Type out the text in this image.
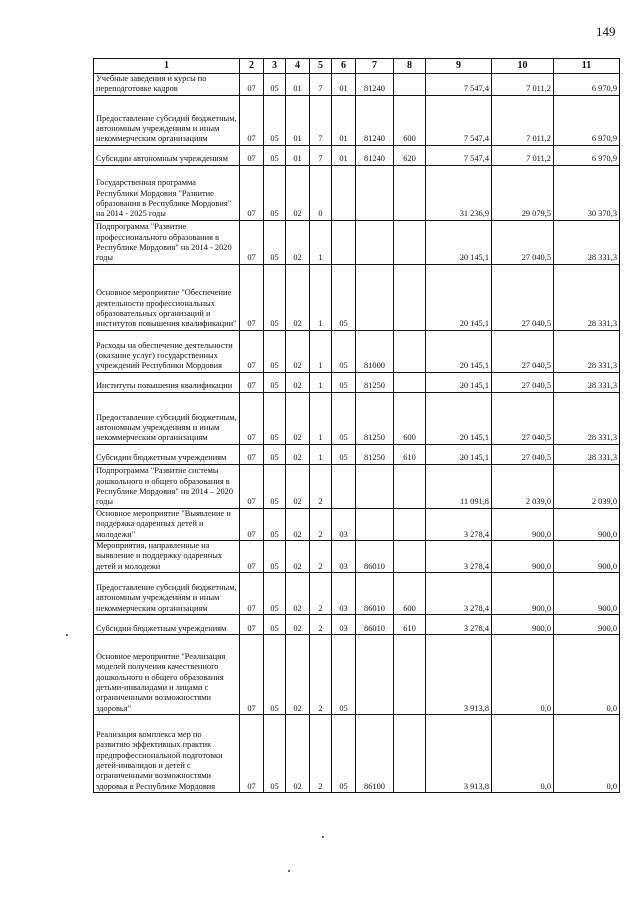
149
1	2	3	4	5	6	7	8	9	10	11
Учебные заведения и курсы по переподготовке кадров	07	05	01	7	01	81240		7 547,4	7 011,2	6 970,9
Предоставление субсидий бюджетным, автономным учреждениям и иным некоммерческим организациям	07	05	01	7	01	81240	600	7 547,4	7 011,2	6 970,9
Субсидии автономным учреждениям	07	05	01	7	01	81240	620	7 547,4	7 011,2	6 970,9
Государственная программа Республики Мордовия "Развитие образования в Республике Мордовия" на 2014 - 2025 годы	07	05	02	0				31 236,9	29 079,5	30 370,3
Подпрограмма "Развитие профессионального образования в Республике Мордовия" на 2014 - 2020 годы	07	05	02	1				20 145,1	27 040,5	28 331,3
Основное мероприятие "Обеспечение деятельности профессиональных образовательных организаций и институтов повышения квалификации"	07	05	02	1	05			20 145,1	27 040,5	28 331,3
Расходы на обеспечение деятельности (оказание услуг) государственных учреждений Республики Мордовия	07	05	02	1	05	81000		20 145,1	27 040,5	28 331,3
Институты повышения квалификации	07	05	02	1	05	81250		20 145,1	27 040,5	28 331,3
Предоставление субсидий бюджетным, автономным учреждениям и иным некоммерческим организациям	07	05	02	1	05	81250	600	20 145,1	27 040,5	28 331,3
Субсидии бюджетным учреждениям	07	05	02	1	05	81250	610	20 145,1	27 040,5	28 331,3
Подпрограмма "Развитие системы дошкольного и общего образования в Республике Мордовия" на 2014 – 2020 годы	07	05	02	2				11 091,8	2 039,0	2 039,0
Основное мероприятие "Выявление и поддержка одаренных детей и молодежи"	07	05	02	2	03			3 278,4	900,0	900,0
Мероприятия, направленные на выявление и поддержку одаренных детей и молодежи	07	05	02	2	03	86010		3 278,4	900,0	900,0
Предоставление субсидий бюджетным, автономным учреждениям и иным некоммерческим организациям	07	05	02	2	03	86010	600	3 278,4	900,0	900,0
Субсидии бюджетным учреждениям	07	05	02	2	03	86010	610	3 278,4	900,0	900,0
Основное мероприятие "Реализация моделей получения качественного дошкольного и общего образования детьми-инвалидами и лицами с ограниченными возможностями здоровья"	07	05	02	2	05			3 913,8	0,0	0,0
Реализация комплекса мер по развитию эффективных практик предпрофессиональной подготовки детей-инвалидов и детей с ограниченными возможностями здоровья в Республике Мордовия	07	05	02	2	05	86100		3 913,8	0,0	0,0
